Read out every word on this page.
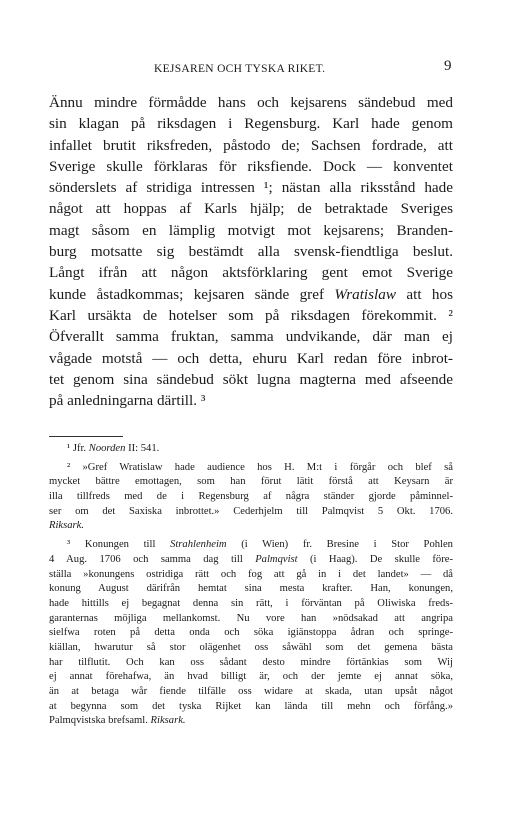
KEJSAREN OCH TYSKA RIKET.	9
Ännu mindre förmådde hans och kejsarens sändebud med
sin klagan på riksdagen i Regensburg. Karl hade genom
infallet brutit riksfreden, påstodo de; Sachsen fordrade, att
Sverige skulle förklaras för riksfiende. Dock — konventet
sönderslets af stridiga intressen ¹; nästan alla riksstånd hade
något att hoppas af Karls hjälp; de betraktade Sveriges
magt såsom en lämplig motvigt mot kejsarens; Branden-
burg motsatte sig bestämdt alla svensk-fiendtliga beslut.
Långt ifrån att någon aktsförklaring gent emot Sverige
kunde åstadkommas; kejsaren sände gref Wratislaw att hos
Karl ursäkta de hotelser som på riksdagen förekommit. ²
Öfverallt samma fruktan, samma undvikande, där man ej
vågade motstå — och detta, ehuru Karl redan före inbrot-
tet genom sina sändebud sökt lugna magterna med afseende
på anledningarna därtill. ³
¹ Jfr. Noorden II: 541.
² »Gref Wratislaw hade audience hos H. M:t i förgår och blef så
mycket bättre emottagen, som han förut lätit förstå att Keysarn är
illa tillfreds med de i Regensburg af några ständer gjorde påminnel-
ser om det Saxiska inbrottet.» Cederhjelm till Palmqvist 5 Okt. 1706.
Riksark.
³ Konungen till Strahlenheim (i Wien) fr. Bresine i Stor Pohlen
4 Aug. 1706 och samma dag till Palmqvist (i Haag). De skulle före-
ställa »konungens ostridiga rätt och fog att gå in i det landet» — då
konung August därifrån hemtat sina mesta krafter. Han, konungen,
hade hittills ej begagnat denna sin rätt, i förväntan på Oliwiska freds-
garanternas möjliga mellankomst. Nu vore han »nödsakad att angripa
sielfwa roten på detta onda och söka igiänstoppa ådran och springe-
kiällan, hwarutur så stor olägenhet oss såwähl som det gemena bästa
har tilflutit. Och kan oss sådant desto mindre förtänkias som Wij
ej annat förehafwa, än hvad billigt är, och der jemte ej annat söka,
än at betaga wår fiende tilfälle oss widare at skada, utan upsåt något
at begynna som det tyska Rijket kan lända till mehn och förfång.»
Palmqvistska brefsaml. Riksark.
